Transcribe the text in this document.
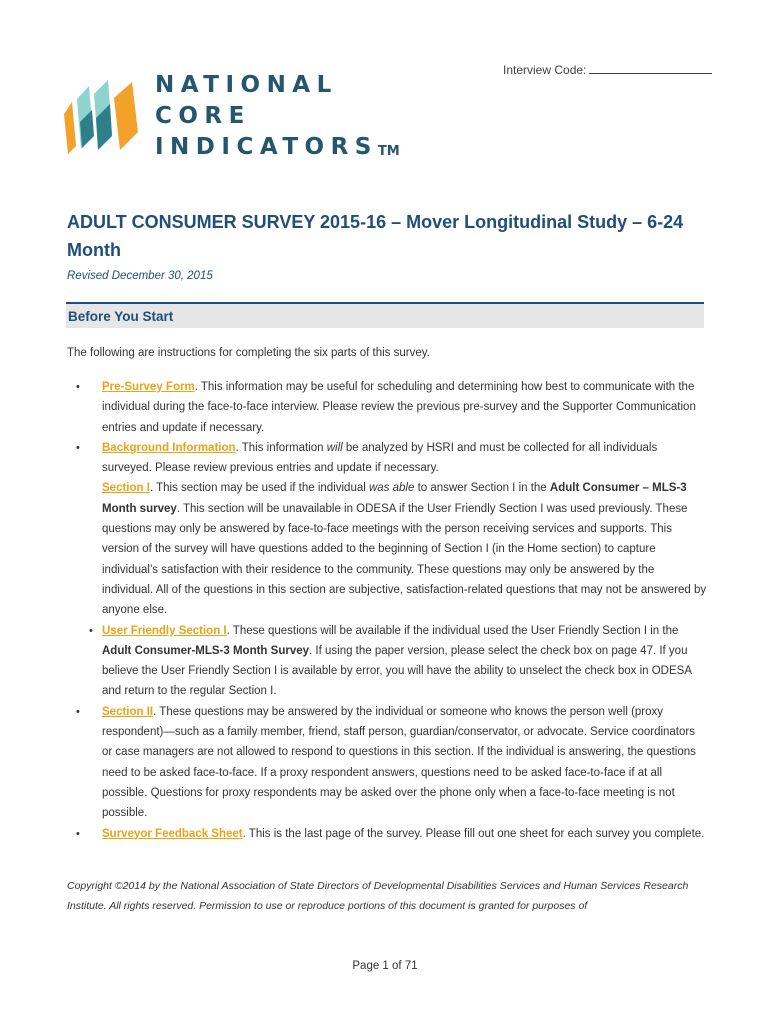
Interview Code:
NATIONAL
CORE
INDICATORS™
ADULT CONSUMER SURVEY 2015-16 – Mover Longitudinal Study – 6-24 Month
Revised December 30, 2015
Before You Start
The following are instructions for completing the six parts of this survey.
• Pre-Survey Form. This information may be useful for scheduling and determining how best to communicate with the individual during the face-to-face interview. Please review the previous pre-survey and the Supporter Communication entries and update if necessary.
• Background Information. This information will be analyzed by HSRI and must be collected for all individuals surveyed. Please review previous entries and update if necessary.
Section I. This section may be used if the individual was able to answer Section I in the Adult Consumer – MLS-3 Month survey. This section will be unavailable in ODESA if the User Friendly Section I was used previously. These questions may only be answered by face-to-face meetings with the person receiving services and supports. This version of the survey will have questions added to the beginning of Section I (in the Home section) to capture individual’s satisfaction with their residence to the community. These questions may only be answered by the individual. All of the questions in this section are subjective, satisfaction-related questions that may not be answered by anyone else.
• User Friendly Section I. These questions will be available if the individual used the User Friendly Section I in the Adult Consumer-MLS-3 Month Survey. If using the paper version, please select the check box on page 47. If you believe the User Friendly Section I is available by error, you will have the ability to unselect the check box in ODESA and return to the regular Section I.
• Section II. These questions may be answered by the individual or someone who knows the person well (proxy respondent)—such as a family member, friend, staff person, guardian/conservator, or advocate. Service coordinators or case managers are not allowed to respond to questions in this section. If the individual is answering, the questions need to be asked face-to-face. If a proxy respondent answers, questions need to be asked face-to-face if at all possible. Questions for proxy respondents may be asked over the phone only when a face-to-face meeting is not possible.
• Surveyor Feedback Sheet. This is the last page of the survey. Please fill out one sheet for each survey you complete.
Copyright ©2014 by the National Association of State Directors of Developmental Disabilities Services and Human Services Research Institute. All rights reserved. Permission to use or reproduce portions of this document is granted for purposes of
Page 1 of 71
